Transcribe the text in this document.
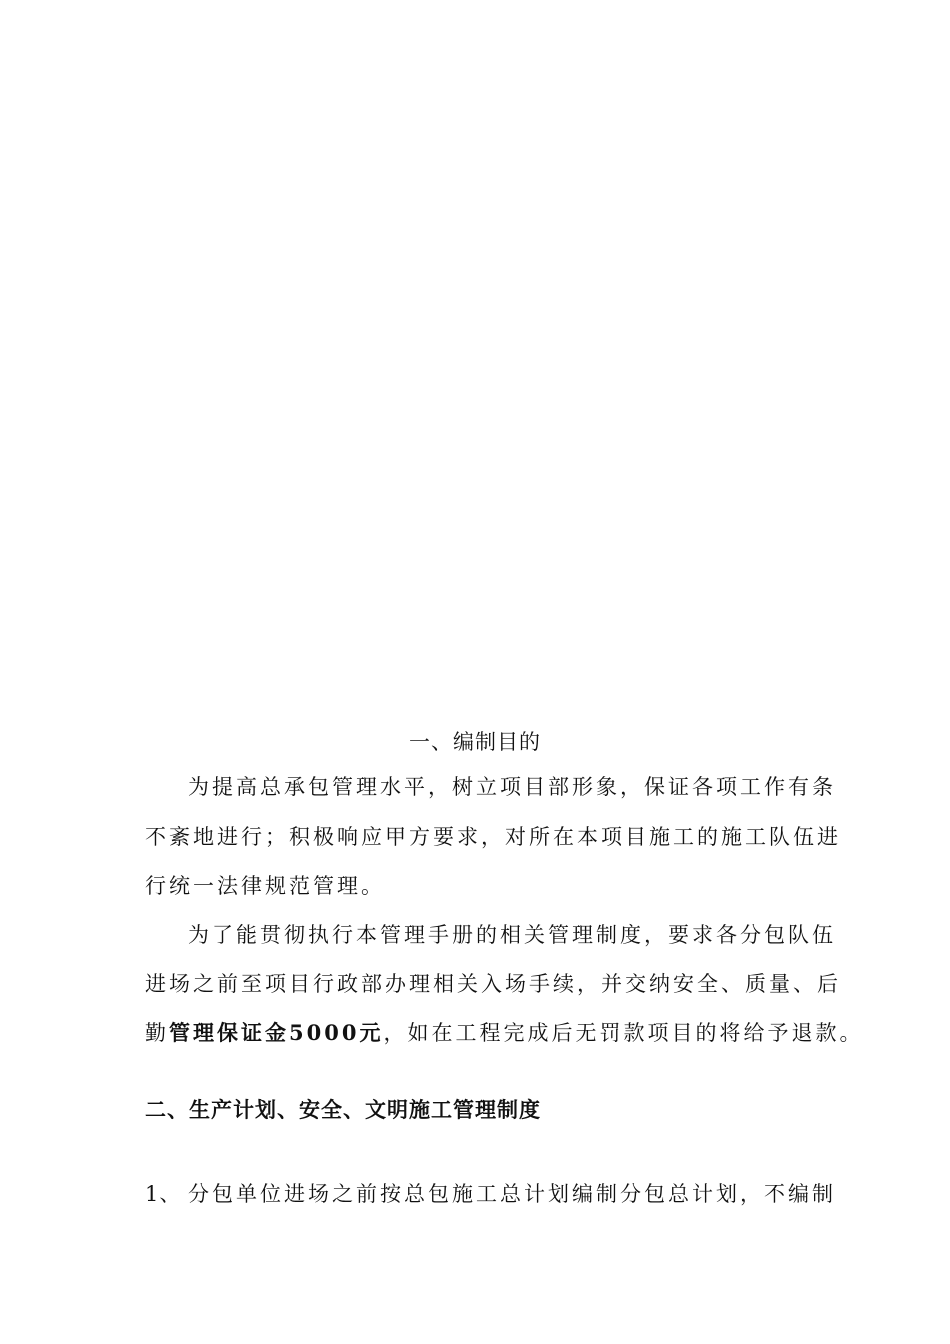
一、编制目的
为提高总承包管理水平，树立项目部形象，保证各项工作有条
不紊地进行；积极响应甲方要求，对所在本项目施工的施工队伍进
行统一法律规范管理。
为了能贯彻执行本管理手册的相关管理制度，要求各分包队伍
进场之前至项目行政部办理相关入场手续，并交纳安全、质量、后
勤管理保证金5000元，如在工程完成后无罚款项目的将给予退款。
二、生产计划、安全、文明施工管理制度
1、 分包单位进场之前按总包施工总计划编制分包总计划，不编制
